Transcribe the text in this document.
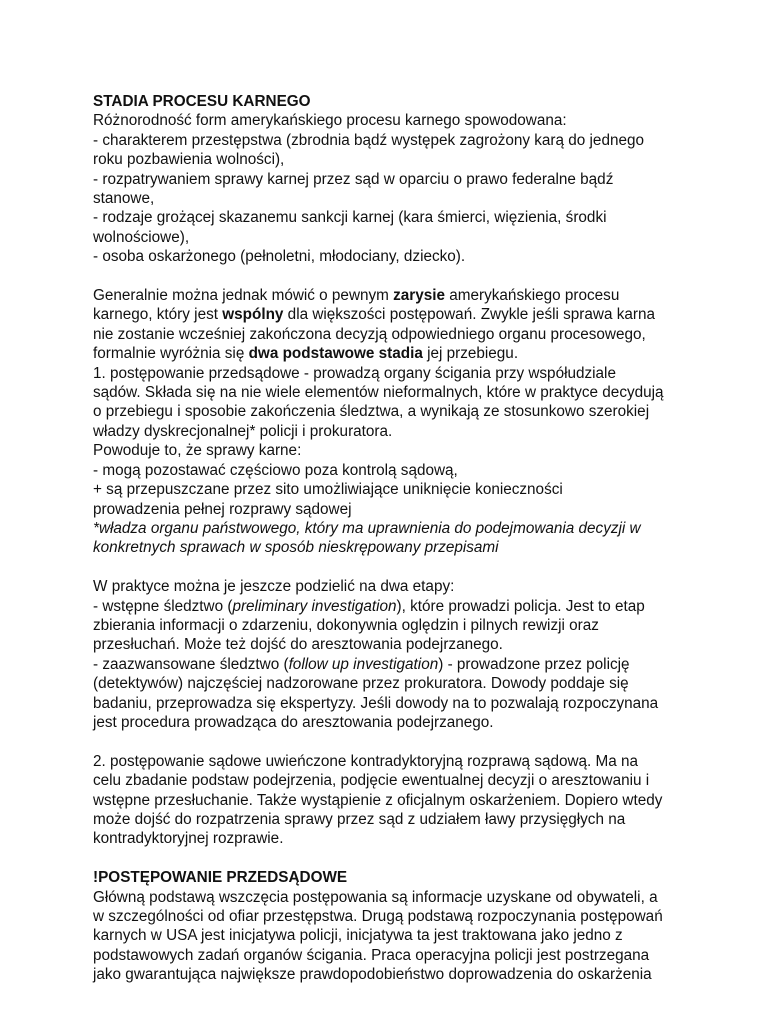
STADIA PROCESU KARNEGO
Różnorodność form amerykańskiego procesu karnego spowodowana:
- charakterem przestępstwa (zbrodnia bądź występek zagrożony karą do jednego
roku pozbawienia wolności),
- rozpatrywaniem sprawy karnej przez sąd w oparciu o prawo federalne bądź
stanowe,
- rodzaje grożącej skazanemu sankcji karnej (kara śmierci, więzienia, środki
wolnościowe),
- osoba oskarżonego (pełnoletni, młodociany, dziecko).
Generalnie można jednak mówić o pewnym zarysie amerykańskiego procesu
karnego, który jest wspólny dla większości postępowań. Zwykle jeśli sprawa karna
nie zostanie wcześniej zakończona decyzją odpowiedniego organu procesowego,
formalnie wyróżnia się dwa podstawowe stadia jej przebiegu.
1. postępowanie przedsądowe - prowadzą organy ścigania przy współudziale
sądów. Składa się na nie wiele elementów nieformalnych, które w praktyce decydują
o przebiegu i sposobie zakończenia śledztwa, a wynikają ze stosunkowo szerokiej
władzy dyskrecjonalnej* policji i prokuratora.
Powoduje to, że sprawy karne:
- mogą pozostawać częściowo poza kontrolą sądową,
+ są przepuszczane przez sito umożliwiające uniknięcie konieczności
prowadzenia pełnej rozprawy sądowej
*władza organu państwowego, który ma uprawnienia do podejmowania decyzji w
konkretnych sprawach w sposób nieskrępowany przepisami
W praktyce można je jeszcze podzielić na dwa etapy:
- wstępne śledztwo (preliminary investigation), które prowadzi policja. Jest to etap
zbierania informacji o zdarzeniu, dokonywnia oględzin i pilnych rewizji oraz
przesłuchań. Może też dojść do aresztowania podejrzanego.
- zaazwansowane śledztwo (follow up investigation) - prowadzone przez policję
(detektywów) najczęściej nadzorowane przez prokuratora. Dowody poddaje się
badaniu, przeprowadza się ekspertyzy. Jeśli dowody na to pozwalają rozpoczynana
jest procedura prowadząca do aresztowania podejrzanego.
2. postępowanie sądowe uwieńczone kontradyktoryjną rozprawą sądową. Ma na
celu zbadanie podstaw podejrzenia, podjęcie ewentualnej decyzji o aresztowaniu i
wstępne przesłuchanie. Także wystąpienie z oficjalnym oskarżeniem. Dopiero wtedy
może dojść do rozpatrzenia sprawy przez sąd z udziałem ławy przysięgłych na
kontradyktoryjnej rozprawie.
!POSTĘPOWANIE PRZEDSĄDOWE
Główną podstawą wszczęcia postępowania są informacje uzyskane od obywateli, a
w szczególności od ofiar przestępstwa. Drugą podstawą rozpoczynania postępowań
karnych w USA jest inicjatywa policji, inicjatywa ta jest traktowana jako jedno z
podstawowych zadań organów ścigania. Praca operacyjna policji jest postrzegana
jako gwarantująca największe prawdopodobieństwo doprowadzenia do oskarżenia
